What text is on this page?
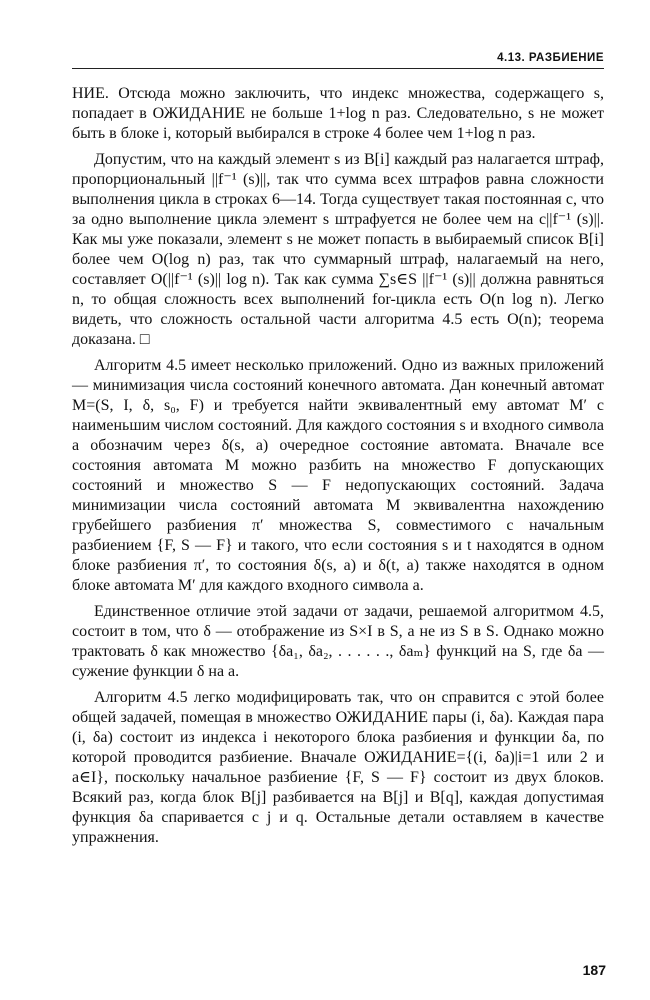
4.13. РАЗБИЕНИЕ

НИЕ. Отсюда можно заключить, что индекс множества, содержащего s, попадает в ОЖИДАНИЕ не больше 1+log n раз. Следовательно, s не может быть в блоке i, который выбирался в строке 4 более чем 1+log n раз.

Допустим, что на каждый элемент s из B[i] каждый раз налагается штраф, пропорциональный ||f⁻¹ (s)||, так что сумма всех штрафов равна сложности выполнения цикла в строках 6—14. Тогда существует такая постоянная c, что за одно выполнение цикла элемент s штрафуется не более чем на c||f⁻¹ (s)||. Как мы уже показали, элемент s не может попасть в выбираемый список B[i] более чем O(log n) раз, так что суммарный штраф, налагаемый на него, составляет O(||f⁻¹ (s)|| log n). Так как сумма ∑s∈S ||f⁻¹ (s)|| должна равняться n, то общая сложность всех выполнений for-цикла есть O(n log n). Легко видеть, что сложность остальной части алгоритма 4.5 есть O(n); теорема доказана. □

Алгоритм 4.5 имеет несколько приложений. Одно из важных приложений — минимизация числа состояний конечного автомата. Дан конечный автомат M=(S, I, δ, s₀, F) и требуется найти эквивалентный ему автомат M′ с наименьшим числом состояний. Для каждого состояния s и входного символа a обозначим через δ(s, a) очередное состояние автомата. Вначале все состояния автомата M можно разбить на множество F допускающих состояний и множество S — F недопускающих состояний. Задача минимизации числа состояний автомата M эквивалентна нахождению грубейшего разбиения π′ множества S, совместимого с начальным разбиением {F, S — F} и такого, что если состояния s и t находятся в одном блоке разбиения π′, то состояния δ(s, a) и δ(t, a) также находятся в одном блоке автомата M′ для каждого входного символа a.

Единственное отличие этой задачи от задачи, решаемой алгоритмом 4.5, состоит в том, что δ — отображение из S×I в S, а не из S в S. Однако можно трактовать δ как множество {δa₁, δa₂, . . . . . ., δaₘ} функций на S, где δa — сужение функции δ на a.

Алгоритм 4.5 легко модифицировать так, что он справится с этой более общей задачей, помещая в множество ОЖИДАНИЕ пары (i, δa). Каждая пара (i, δa) состоит из индекса i некоторого блока разбиения и функции δa, по которой проводится разбиение. Вначале ОЖИДАНИЕ={(i, δa)|i=1 или 2 и a∈I}, поскольку начальное разбиение {F, S — F} состоит из двух блоков. Всякий раз, когда блок B[j] разбивается на B[j] и B[q], каждая допустимая функция δa спаривается с j и q. Остальные детали оставляем в качестве упражнения.

187
